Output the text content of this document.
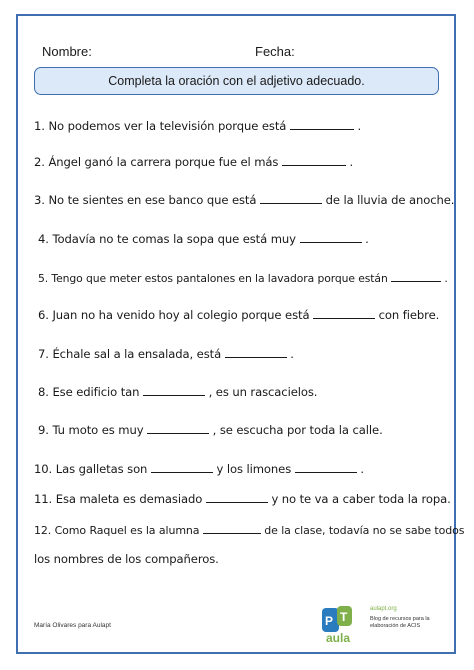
Nombre:	Fecha:
Completa la oración con el adjetivo adecuado.
1. No podemos ver la televisión porque está	.
2. Ángel ganó la carrera porque fue el más	.
3. No te sientes en ese banco que está	de la lluvia de anoche.
4. Todavía no te comas la sopa que está muy	.
5. Tengo que meter estos pantalones en la lavadora porque están	.
6. Juan no ha venido hoy al colegio porque está	con fiebre.
7. Échale sal a la ensalada, está	.
8. Ese edificio tan	, es un rascacielos.
9. Tu moto es muy	, se escucha por toda la calle.
10. Las galletas son	y los limones	.
11. Esa maleta es demasiado	y no te va a caber toda la ropa.
12. Como Raquel es la alumna	de la clase, todavía no se sabe todos
los nombres de los compañeros.
María Olivares para Aulapt	P T
aula
aulapt.org
Blog de recursos para la elaboración de ACIS
